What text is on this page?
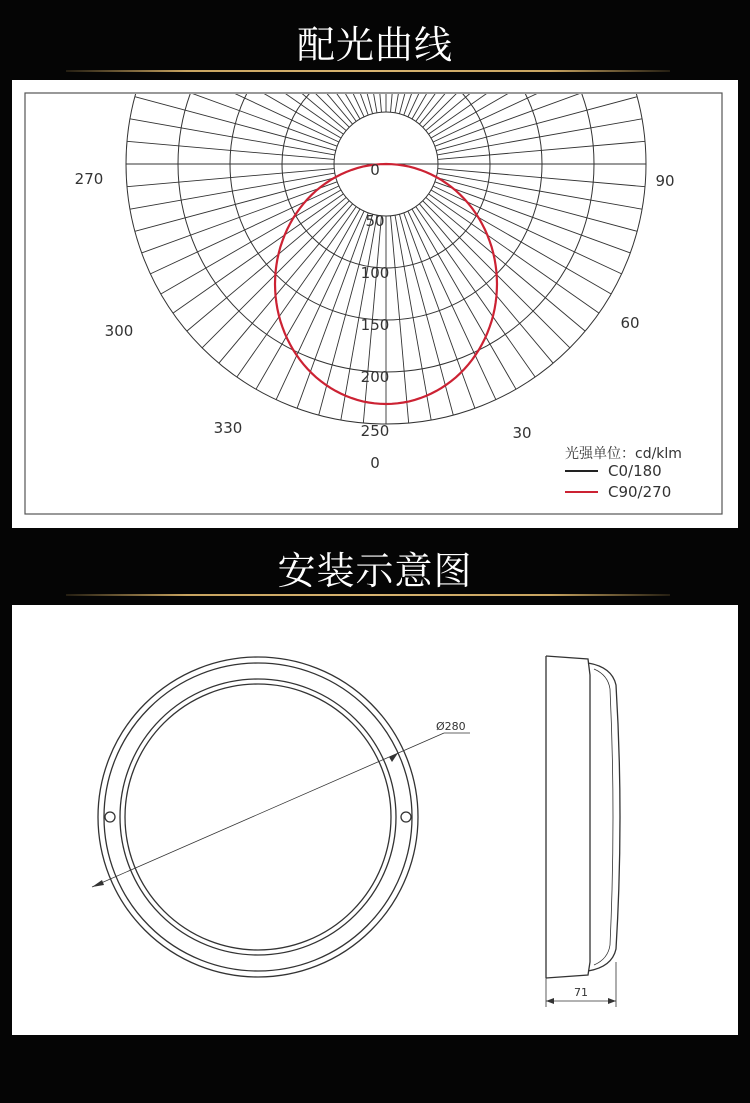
配光曲线
270	90
300	60
330	30
0
0
50
100
150
200
250
光强单位：cd/klm
C0/180
C90/270
安装示意图
Ø280
71
